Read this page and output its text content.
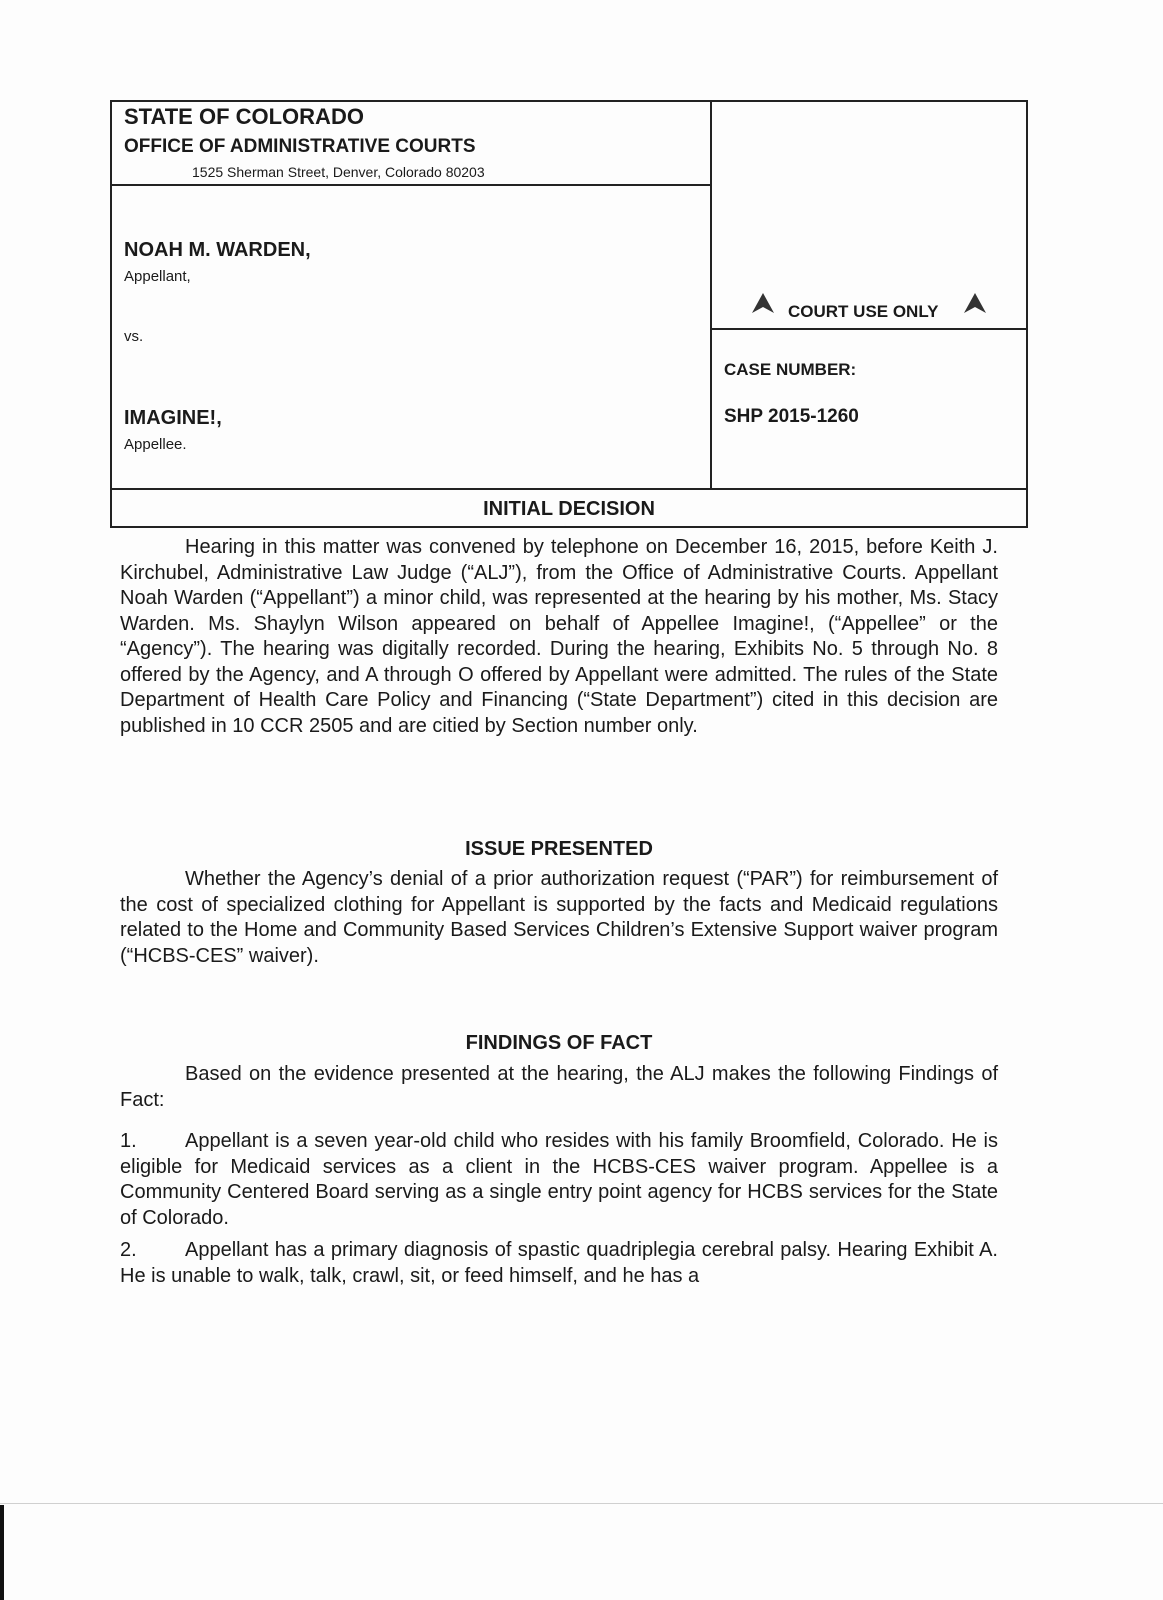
STATE OF COLORADO
OFFICE OF ADMINISTRATIVE COURTS
1525 Sherman Street, Denver, Colorado 80203
NOAH M. WARDEN,
Appellant,
vs.
IMAGINE!,
Appellee.
COURT USE ONLY
CASE NUMBER:
SHP 2015-1260
INITIAL DECISION

Hearing in this matter was convened by telephone on December 16, 2015, before Keith J. Kirchubel, Administrative Law Judge (“ALJ”), from the Office of Administrative Courts. Appellant Noah Warden (“Appellant”) a minor child, was represented at the hearing by his mother, Ms. Stacy Warden. Ms. Shaylyn Wilson appeared on behalf of Appellee Imagine!, (“Appellee” or the “Agency”). The hearing was digitally recorded. During the hearing, Exhibits No. 5 through No. 8 offered by the Agency, and A through O offered by Appellant were admitted. The rules of the State Department of Health Care Policy and Financing (“State Department”) cited in this decision are published in 10 CCR 2505 and are citied by Section number only.

ISSUE PRESENTED

Whether the Agency’s denial of a prior authorization request (“PAR”) for reimbursement of the cost of specialized clothing for Appellant is supported by the facts and Medicaid regulations related to the Home and Community Based Services Children’s Extensive Support waiver program (“HCBS-CES” waiver).

FINDINGS OF FACT

Based on the evidence presented at the hearing, the ALJ makes the following Findings of Fact:

1. Appellant is a seven year-old child who resides with his family Broomfield, Colorado. He is eligible for Medicaid services as a client in the HCBS-CES waiver program. Appellee is a Community Centered Board serving as a single entry point agency for HCBS services for the State of Colorado.

2. Appellant has a primary diagnosis of spastic quadriplegia cerebral palsy. Hearing Exhibit A. He is unable to walk, talk, crawl, sit, or feed himself, and he has a
